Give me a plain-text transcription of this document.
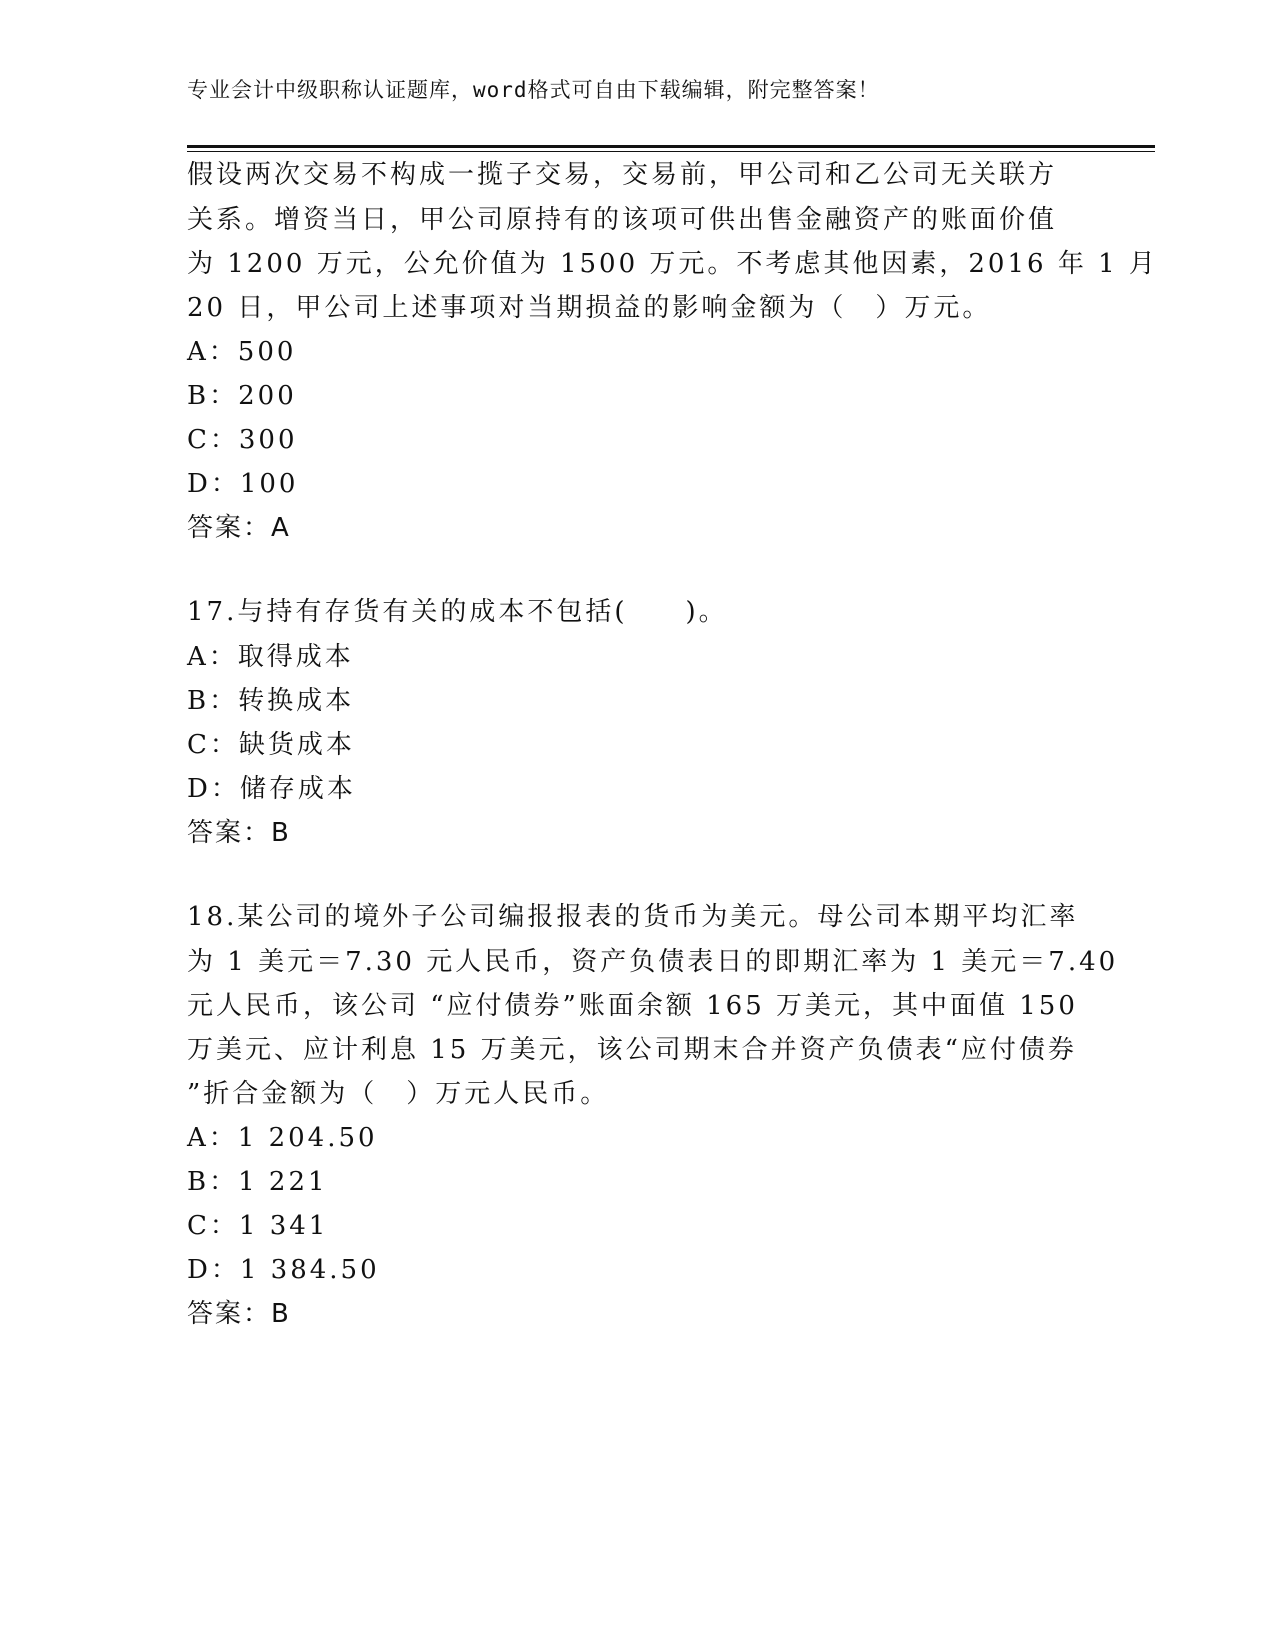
专业会计中级职称认证题库，word格式可自由下载编辑，附完整答案！
假设两次交易不构成一揽子交易，交易前，甲公司和乙公司无关联方
关系。增资当日，甲公司原持有的该项可供出售金融资产的账面价值
为 1200 万元，公允价值为 1500 万元。不考虑其他因素，2016 年 1 月
20 日，甲公司上述事项对当期损益的影响金额为（　）万元。
A：500
B：200
C：300
D：100
答案：A
17.与持有存货有关的成本不包括(　　)。
A：取得成本
B：转换成本
C：缺货成本
D：储存成本
答案：B
18.某公司的境外子公司编报报表的货币为美元。母公司本期平均汇率
为 1 美元＝7.30 元人民币，资产负债表日的即期汇率为 1 美元＝7.40
元人民币，该公司 “应付债券”账面余额 165 万美元，其中面值 150
万美元、应计利息 15 万美元，该公司期末合并资产负债表“应付债券
”折合金额为（　）万元人民币。
A：1 204.50
B：1 221
C：1 341
D：1 384.50
答案：B
